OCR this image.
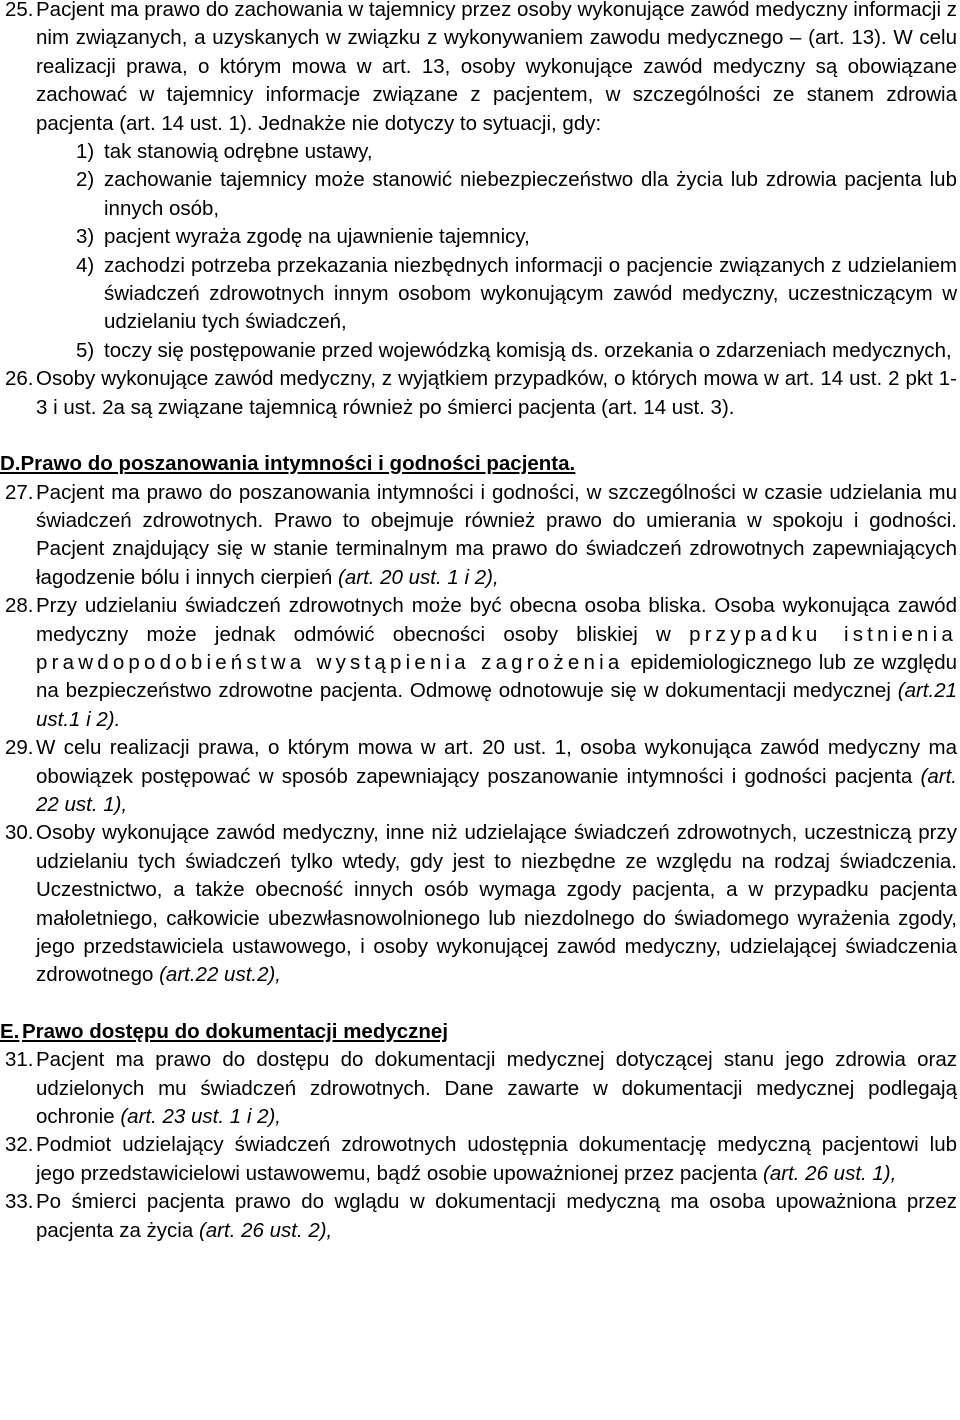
25. Pacjent ma prawo do zachowania w tajemnicy przez osoby wykonujące zawód medyczny informacji z nim związanych, a uzyskanych w związku z wykonywaniem zawodu medycznego – (art. 13). W celu realizacji prawa, o którym mowa w art. 13, osoby wykonujące zawód medyczny są obowiązane zachować w tajemnicy informacje związane z pacjentem, w szczególności ze stanem zdrowia pacjenta (art. 14 ust. 1). Jednakże nie dotyczy to sytuacji, gdy:
1) tak stanowią odrębne ustawy,
2) zachowanie tajemnicy może stanowić niebezpieczeństwo dla życia lub zdrowia pacjenta lub innych osób,
3) pacjent wyraża zgodę na ujawnienie tajemnicy,
4) zachodzi potrzeba przekazania niezbędnych informacji o pacjencie związanych z udzielaniem świadczeń zdrowotnych innym osobom wykonującym zawód medyczny, uczestniczącym w udzielaniu tych świadczeń,
5) toczy się postępowanie przed wojewódzką komisją ds. orzekania o zdarzeniach medycznych,
26. Osoby wykonujące zawód medyczny, z wyjątkiem przypadków, o których mowa w art. 14 ust. 2 pkt 1-3 i ust. 2a są związane tajemnicą również po śmierci pacjenta (art. 14 ust. 3).
D. Prawo do poszanowania intymności i godności pacjenta.
27. Pacjent ma prawo do poszanowania intymności i godności, w szczególności w czasie udzielania mu świadczeń zdrowotnych. Prawo to obejmuje również prawo do umierania w spokoju i godności. Pacjent znajdujący się w stanie terminalnym ma prawo do świadczeń zdrowotnych zapewniających łagodzenie bólu i innych cierpień (art. 20 ust. 1 i 2),
28. Przy udzielaniu świadczeń zdrowotnych może być obecna osoba bliska. Osoba wykonująca zawód medyczny może jednak odmówić obecności osoby bliskiej w przypadku istnienia prawdopodobieństwa wystąpienia zagrożenia epidemiologicznego lub ze względu na bezpieczeństwo zdrowotne pacjenta. Odmowę odnotowuje się w dokumentacji medycznej (art.21 ust.1 i 2).
29. W celu realizacji prawa, o którym mowa w art. 20 ust. 1, osoba wykonująca zawód medyczny ma obowiązek postępować w sposób zapewniający poszanowanie intymności i godności pacjenta (art. 22 ust. 1),
30. Osoby wykonujące zawód medyczny, inne niż udzielające świadczeń zdrowotnych, uczestniczą przy udzielaniu tych świadczeń tylko wtedy, gdy jest to niezbędne ze względu na rodzaj świadczenia. Uczestnictwo, a także obecność innych osób wymaga zgody pacjenta, a w przypadku pacjenta małoletniego, całkowicie ubezwłasnowolnionego lub niezdolnego do świadomego wyrażenia zgody, jego przedstawiciela ustawowego, i osoby wykonującej zawód medyczny, udzielającej świadczenia zdrowotnego (art.22 ust.2),
E. Prawo dostępu do dokumentacji medycznej
31. Pacjent ma prawo do dostępu do dokumentacji medycznej dotyczącej stanu jego zdrowia oraz udzielonych mu świadczeń zdrowotnych. Dane zawarte w dokumentacji medycznej podlegają ochronie (art. 23 ust. 1 i 2),
32. Podmiot udzielający świadczeń zdrowotnych udostępnia dokumentację medyczną pacjentowi lub jego przedstawicielowi ustawowemu, bądź osobie upoważnionej przez pacjenta (art. 26 ust. 1),
33. Po śmierci pacjenta prawo do wglądu w dokumentacji medyczną ma osoba upoważniona przez pacjenta za życia (art. 26 ust. 2),
